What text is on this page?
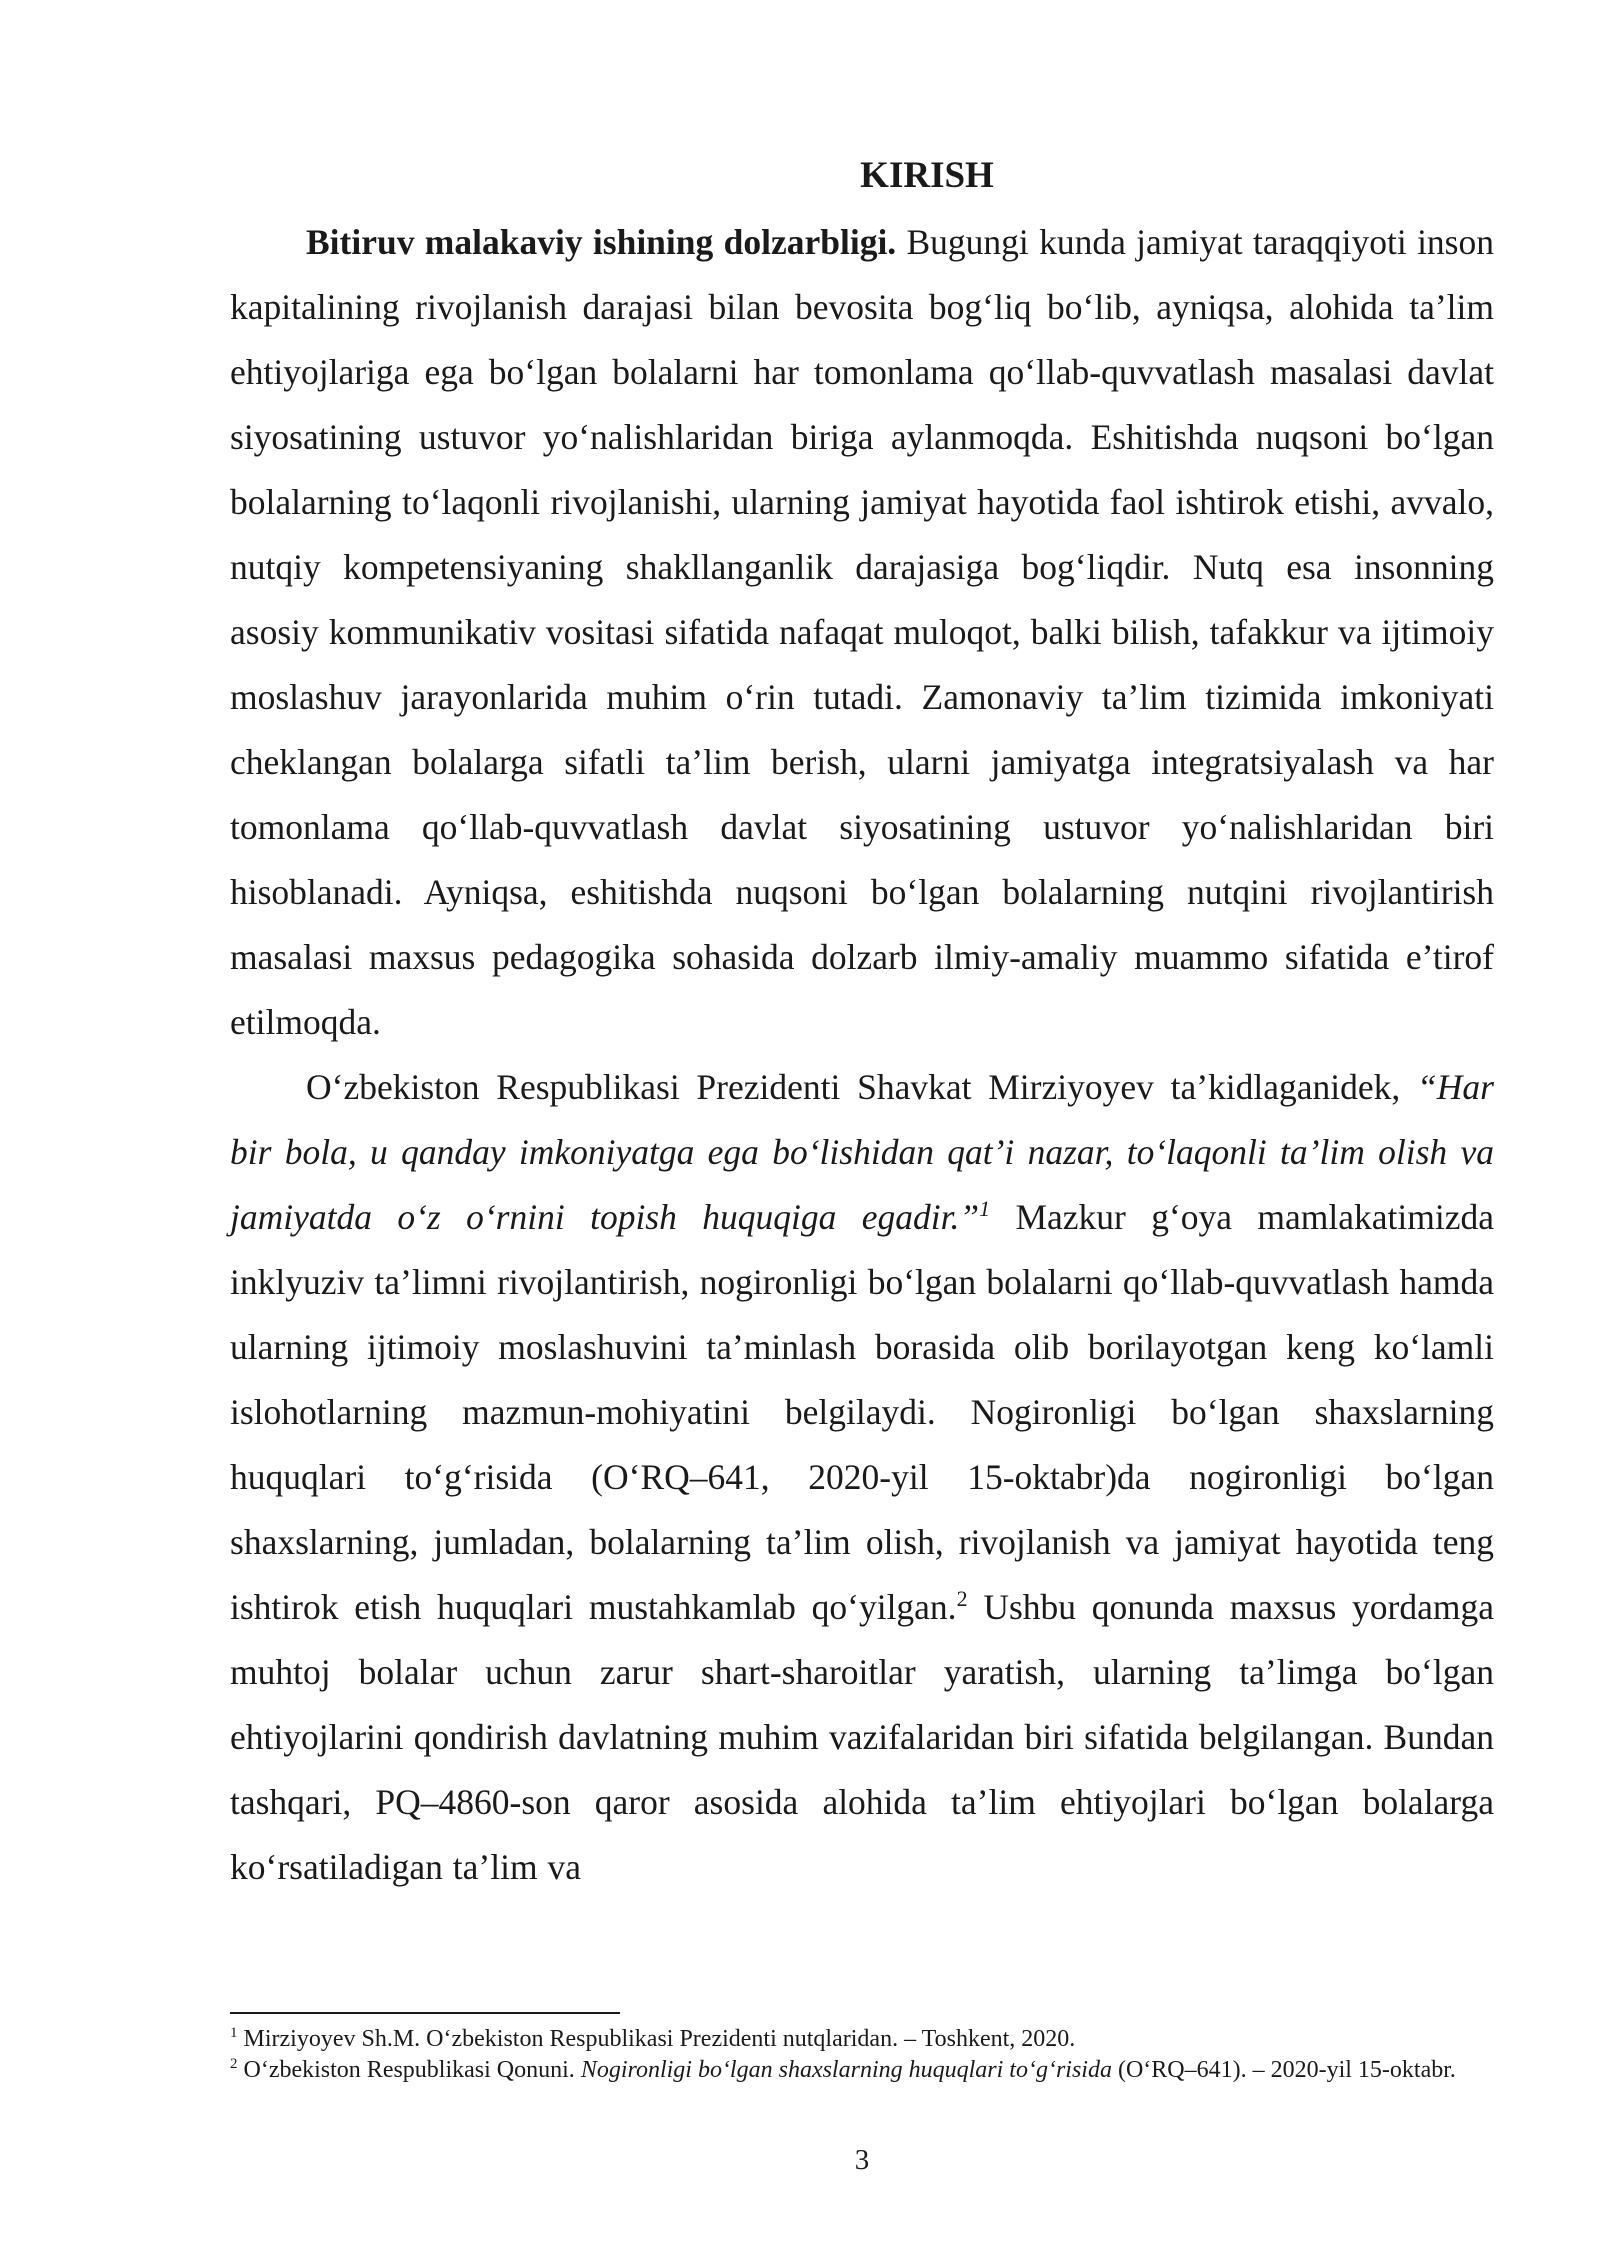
KIRISH

Bitiruv malakaviy ishining dolzarbligi. Bugungi kunda jamiyat taraqqiyoti inson kapitalining rivojlanish darajasi bilan bevosita bog‘liq bo‘lib, ayniqsa, alohida ta’lim ehtiyojlariga ega bo‘lgan bolalarni har tomonlama qo‘llab-quvvatlash masalasi davlat siyosatining ustuvor yo‘nalishlaridan biriga aylanmoqda. Eshitishda nuqsoni bo‘lgan bolalarning to‘laqonli rivojlanishi, ularning jamiyat hayotida faol ishtirok etishi, avvalo, nutqiy kompetensiyaning shakllanganlik darajasiga bog‘liqdir. Nutq esa insonning asosiy kommunikativ vositasi sifatida nafaqat muloqot, balki bilish, tafakkur va ijtimoiy moslashuv jarayonlarida muhim o‘rin tutadi. Zamonaviy ta’lim tizimida imkoniyati cheklangan bolalarga sifatli ta’lim berish, ularni jamiyatga integratsiyalash va har tomonlama qo‘llab-quvvatlash davlat siyosatining ustuvor yo‘nalishlaridan biri hisoblanadi. Ayniqsa, eshitishda nuqsoni bo‘lgan bolalarning nutqini rivojlantirish masalasi maxsus pedagogika sohasida dolzarb ilmiy-amaliy muammo sifatida e’tirof etilmoqda.

O‘zbekiston Respublikasi Prezidenti Shavkat Mirziyoyev ta’kidlaganidek, “Har bir bola, u qanday imkoniyatga ega bo‘lishidan qat’i nazar, to‘laqonli ta’lim olish va jamiyatda o‘z o‘rnini topish huquqiga egadir.”$^1$ Mazkur g‘oya mamlakatimizda inklyuziv ta’limni rivojlantirish, nogironligi bo‘lgan bolalarni qo‘llab-quvvatlash hamda ularning ijtimoiy moslashuvini ta’minlash borasida olib borilayotgan keng ko‘lamli islohotlarning mazmun-mohiyatini belgilaydi. Nogironligi bo‘lgan shaxslarning huquqlari to‘g‘risida (O‘RQ–641, 2020-yil 15-oktabr)da nogironligi bo‘lgan shaxslarning, jumladan, bolalarning ta’lim olish, rivojlanish va jamiyat hayotida teng ishtirok etish huquqlari mustahkamlab qo‘yilgan.$^2$ Ushbu qonunda maxsus yordamga muhtoj bolalar uchun zarur shart-sharoitlar yaratish, ularning ta’limga bo‘lgan ehtiyojlarini qondirish davlatning muhim vazifalaridan biri sifatida belgilangan. Bundan tashqari, PQ–4860-son qaror asosida alohida ta’lim ehtiyojlari bo‘lgan bolalarga ko‘rsatiladigan ta’lim va

$^1$ Mirziyoyev Sh.M. O‘zbekiston Respublikasi Prezidenti nutqlaridan. – Toshkent, 2020.

$^2$ O‘zbekiston Respublikasi Qonuni. Nogironligi bo‘lgan shaxslarning huquqlari to‘g‘risida (O‘RQ–641). – 2020-yil 15-oktabr.

3
